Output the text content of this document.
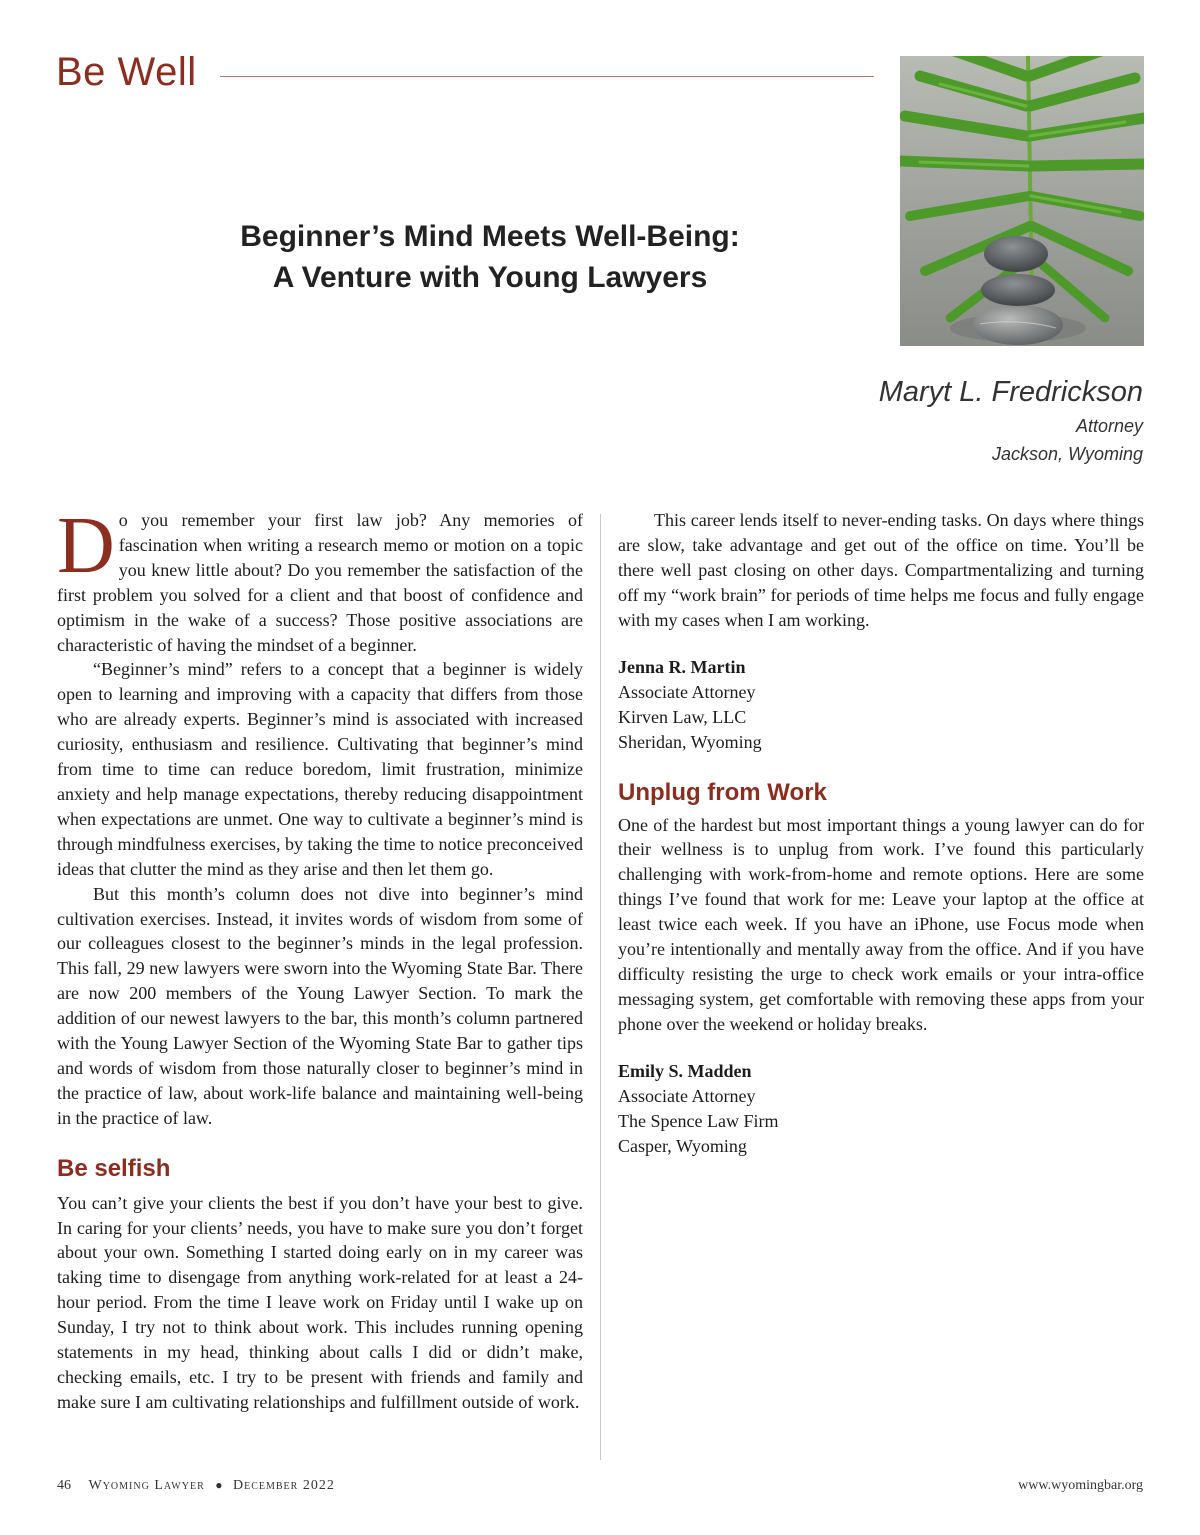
Be Well
Beginner’s Mind Meets Well-Being:
A Venture with Young Lawyers
Maryt L. Fredrickson
Attorney
Jackson, Wyoming

Do you remember your first law job? Any memories of fascination when writing a research memo or motion on a topic you knew little about? Do you remember the satisfaction of the first problem you solved for a client and that boost of confidence and optimism in the wake of a success? Those positive associations are characteristic of having the mindset of a beginner.

“Beginner’s mind” refers to a concept that a beginner is widely open to learning and improving with a capacity that differs from those who are already experts. Beginner’s mind is associated with increased curiosity, enthusiasm and resilience. Cultivating that beginner’s mind from time to time can reduce boredom, limit frustration, minimize anxiety and help manage expectations, thereby reducing disappointment when expectations are unmet. One way to cultivate a beginner’s mind is through mindfulness exercises, by taking the time to notice preconceived ideas that clutter the mind as they arise and then let them go.

But this month’s column does not dive into beginner’s mind cultivation exercises. Instead, it invites words of wisdom from some of our colleagues closest to the beginner’s minds in the legal profession. This fall, 29 new lawyers were sworn into the Wyoming State Bar. There are now 200 members of the Young Lawyer Section. To mark the addition of our newest lawyers to the bar, this month’s column partnered with the Young Lawyer Section of the Wyoming State Bar to gather tips and words of wisdom from those naturally closer to beginner’s mind in the practice of law, about work-life balance and maintaining well-being in the practice of law.

Be selfish

You can’t give your clients the best if you don’t have your best to give. In caring for your clients’ needs, you have to make sure you don’t forget about your own. Something I started doing early on in my career was taking time to disengage from anything work-related for at least a 24-hour period. From the time I leave work on Friday until I wake up on Sunday, I try not to think about work. This includes running opening statements in my head, thinking about calls I did or didn’t make, checking emails, etc. I try to be present with friends and family and make sure I am cultivating relationships and fulfillment outside of work.

This career lends itself to never-ending tasks. On days where things are slow, take advantage and get out of the office on time. You’ll be there well past closing on other days. Compartmentalizing and turning off my “work brain” for periods of time helps me focus and fully engage with my cases when I am working.

Jenna R. Martin
Associate Attorney
Kirven Law, LLC
Sheridan, Wyoming
Unplug from Work

One of the hardest but most important things a young lawyer can do for their wellness is to unplug from work. I’ve found this particularly challenging with work-from-home and remote options. Here are some things I’ve found that work for me: Leave your laptop at the office at least twice each week. If you have an iPhone, use Focus mode when you’re intentionally and mentally away from the office. And if you have difficulty resisting the urge to check work emails or your intra-office messaging system, get comfortable with removing these apps from your phone over the weekend or holiday breaks.

Emily S. Madden
Associate Attorney
The Spence Law Firm
Casper, Wyoming
46 Wyoming Lawyer ● December 2022	www.wyomingbar.org
